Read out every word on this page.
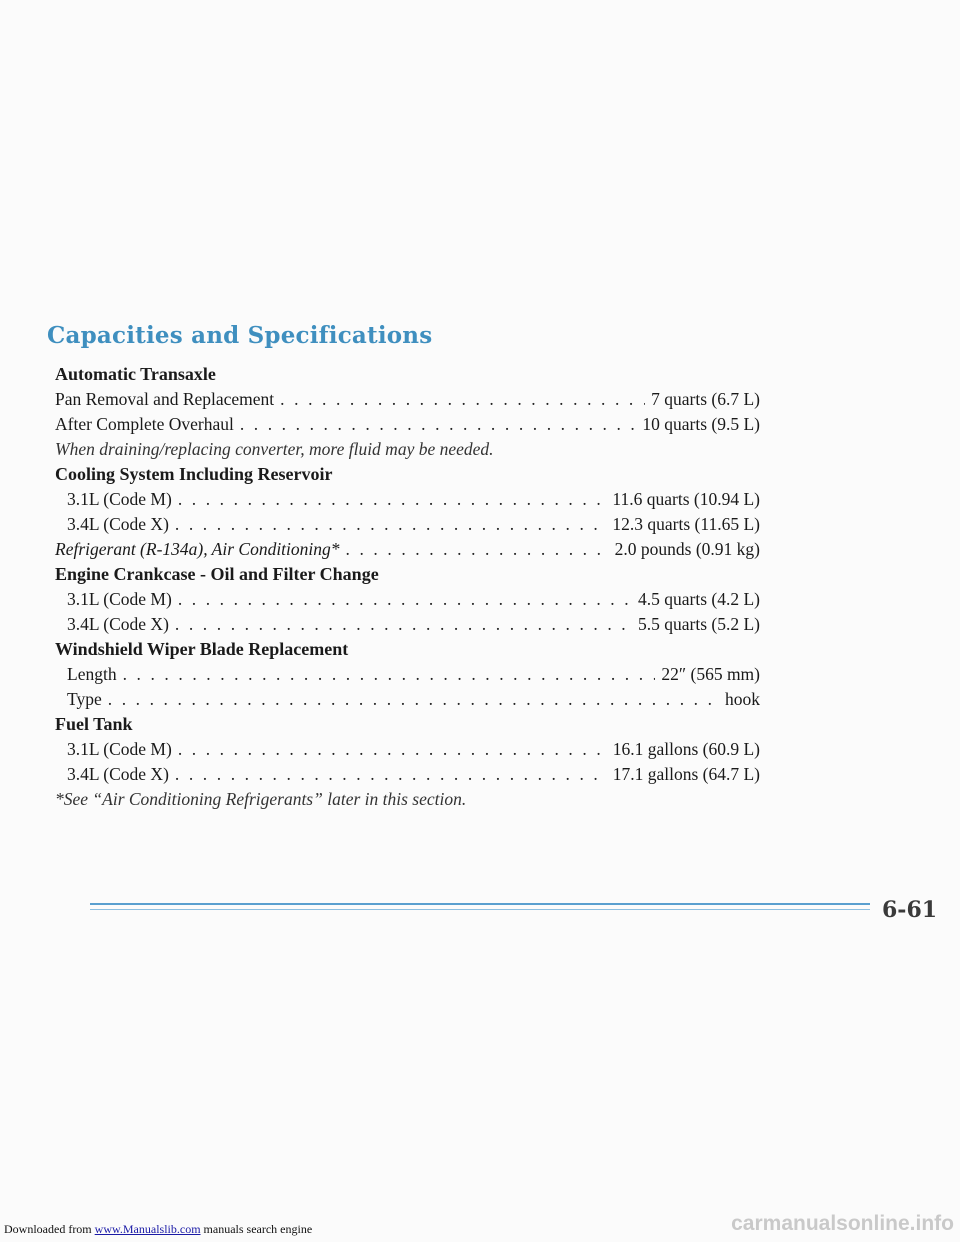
Capacities and Specifications
Automatic Transaxle
Pan Removal and Replacement . . .	7 quarts (6.7 L)
After Complete Overhaul . . .	10 quarts (9.5 L)
When draining/replacing converter, more fluid may be needed.
Cooling System Including Reservoir
3.1L (Code M) . . .	11.6 quarts (10.94 L)
3.4L (Code X) . . .	12.3 quarts (11.65 L)
Refrigerant (R-134a), Air Conditioning* . . .	2.0 pounds (0.91 kg)
Engine Crankcase - Oil and Filter Change
3.1L (Code M) . . .	4.5 quarts (4.2 L)
3.4L (Code X) . . .	5.5 quarts (5.2 L)
Windshield Wiper Blade Replacement
Length . . .	22″ (565 mm)
Type . . .	hook
Fuel Tank
3.1L (Code M) . . .	16.1 gallons (60.9 L)
3.4L (Code X) . . .	17.1 gallons (64.7 L)
*See “Air Conditioning Refrigerants” later in this section.
6-61
Downloaded from www.Manualslib.com manuals search engine	carmanualsonline.info
